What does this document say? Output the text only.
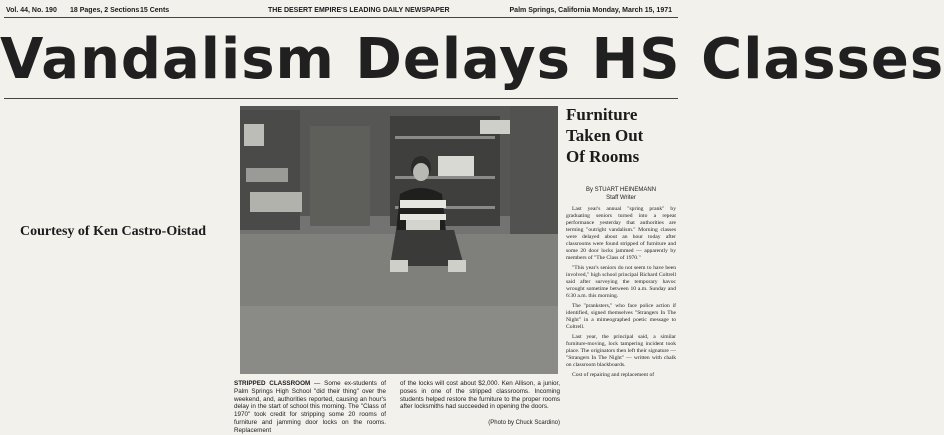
Vol. 44, No. 190 18 Pages, 2 Sections 15 Cents	THE DESERT EMPIRE'S LEADING DAILY NEWSPAPER	Palm Springs, California Monday, March 15, 1971
Vandalism Delays HS Classes
Courtesy of Ken Castro-Oistad
STRIPPED CLASSROOM — Some ex-students of Palm Springs High School "did their thing" over the weekend, and, authorities reported, causing an hour's delay in the start of school this morning. The "Class of 1970" took credit for stripping some 20 rooms of furniture and jamming door locks on the rooms. Replacement
of the locks will cost about $2,000. Ken Allison, a junior, poses in one of the stripped classrooms. Incoming students helped restore the furniture to the proper rooms after locksmiths had succeeded in opening the doors.
(Photo by Chuck Scardino)
Furniture
Taken Out
Of Rooms
By STUART HEINEMANN
Staff Writer

Last year's annual "spring prank" by graduating seniors turned into a repeat performance yesterday that authorities are terming "outright vandalism." Morning classes were delayed about an hour today after classrooms were found stripped of furniture and some 20 door locks jammed — apparently by members of "The Class of 1970."

"This year's seniors do not seem to have been involved," high school principal Richard Coltrell said after surveying the temporary havoc wrought sometime between 10 a.m. Sunday and 6:30 a.m. this morning.

The "pranksters," who face police action if identified, signed themselves "Strangers In The Night" in a mimeographed poetic message to Coltrell.

Last year, the principal said, a similar furniture-moving, lock tampering incident took place. The originators then left their signature — "Strangers In The Night" — written with chalk on classroom blackboards.

Cost of repairing and replacement of
